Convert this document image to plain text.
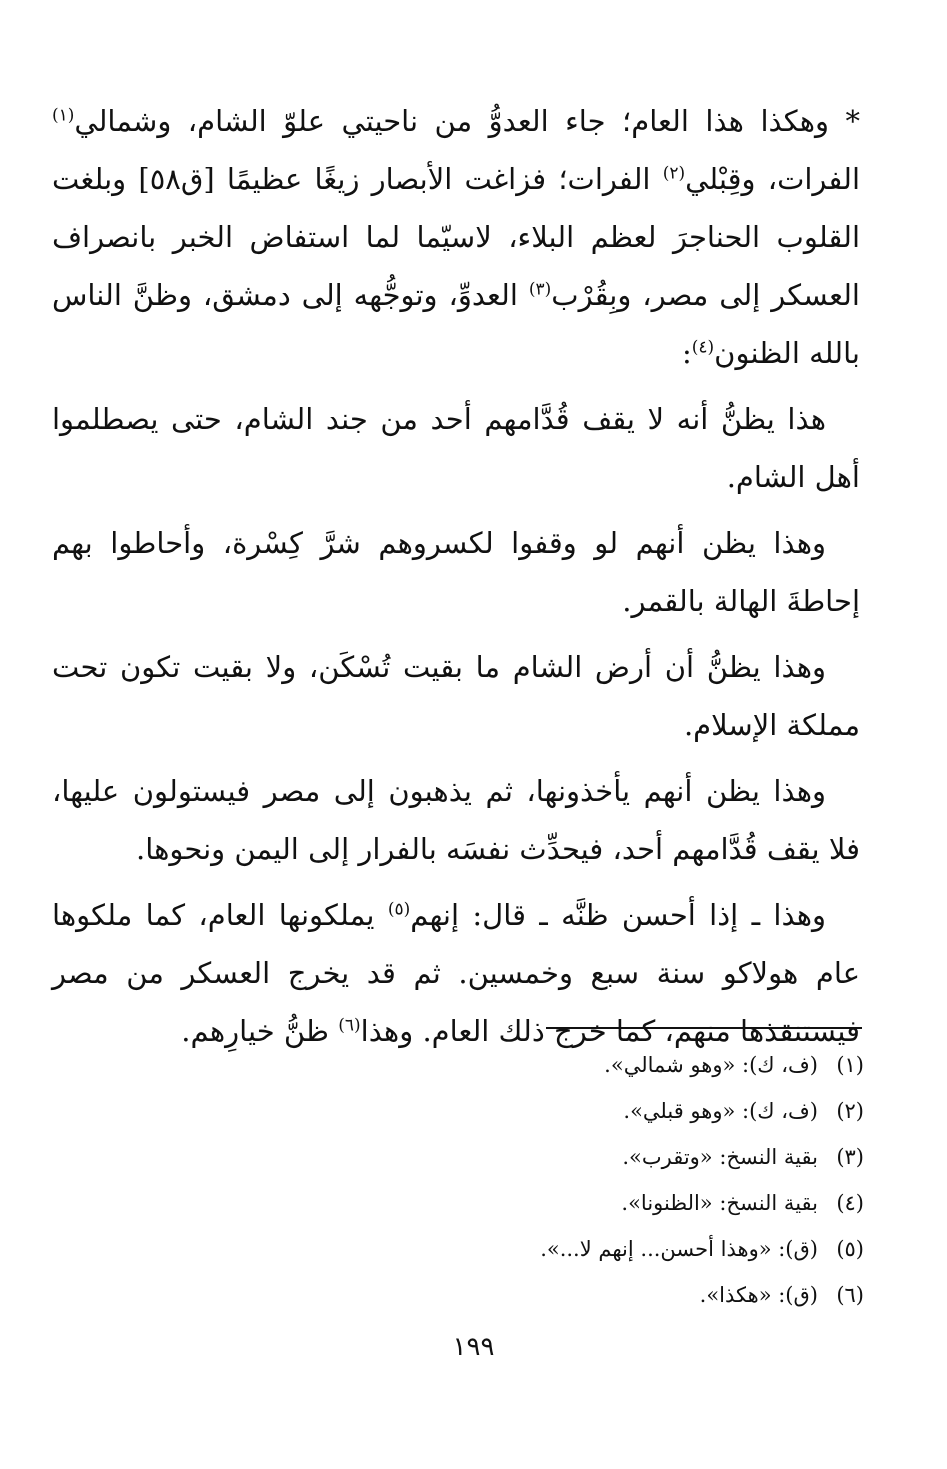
* وهكذا هذا العام؛ جاء العدوُّ من ناحيتي علوّ الشام، وشمالي$^{(١)}$ الفرات، وقِبْلي$^{(٢)}$ الفرات؛ فزاغت الأبصار زيغًا عظيمًا [ق٥٨] وبلغت القلوب الحناجرَ لعظم البلاء، لاسيّما لما استفاض الخبر بانصراف العسكر إلى مصر، وبِقُرْب$^{(٣)}$ العدوِّ، وتوجُّهه إلى دمشق، وظنَّ الناس بالله الظنون$^{(٤)}$:

هذا يظنُّ أنه لا يقف قُدَّامهم أحد من جند الشام، حتى يصطلموا أهل الشام.

وهذا يظن أنهم لو وقفوا لكسروهم شرَّ كِسْرة، وأحاطوا بهم إحاطةَ الهالة بالقمر.

وهذا يظنُّ أن أرض الشام ما بقيت تُسْكَن، ولا بقيت تكون تحت مملكة الإسلام.

وهذا يظن أنهم يأخذونها، ثم يذهبون إلى مصر فيستولون عليها، فلا يقف قُدَّامهم أحد، فيحدِّث نفسَه بالفرار إلى اليمن ونحوها.

وهذا ـ إذا أحسن ظنَّه ـ قال: إنهم$^{(٥)}$ يملكونها العام، كما ملكوها عام هولاكو سنة سبع وخمسين. ثم قد يخرج العسكر من مصر فيستنقذها منهم، كما خرج ذلك العام. وهذا$^{(٦)}$ ظنُّ خيارِهم.

(١)
(ف، ك): «وهو شمالي».
(٢)
(ف، ك): «وهو قبلي».
(٣)
بقية النسخ: «وتقرب».
(٤)
بقية النسخ: «الظنونا».
(٥)
(ق): «وهذا أحسن... إنهم لا...».
(٦)
(ق): «هكذا».
١٩٩
